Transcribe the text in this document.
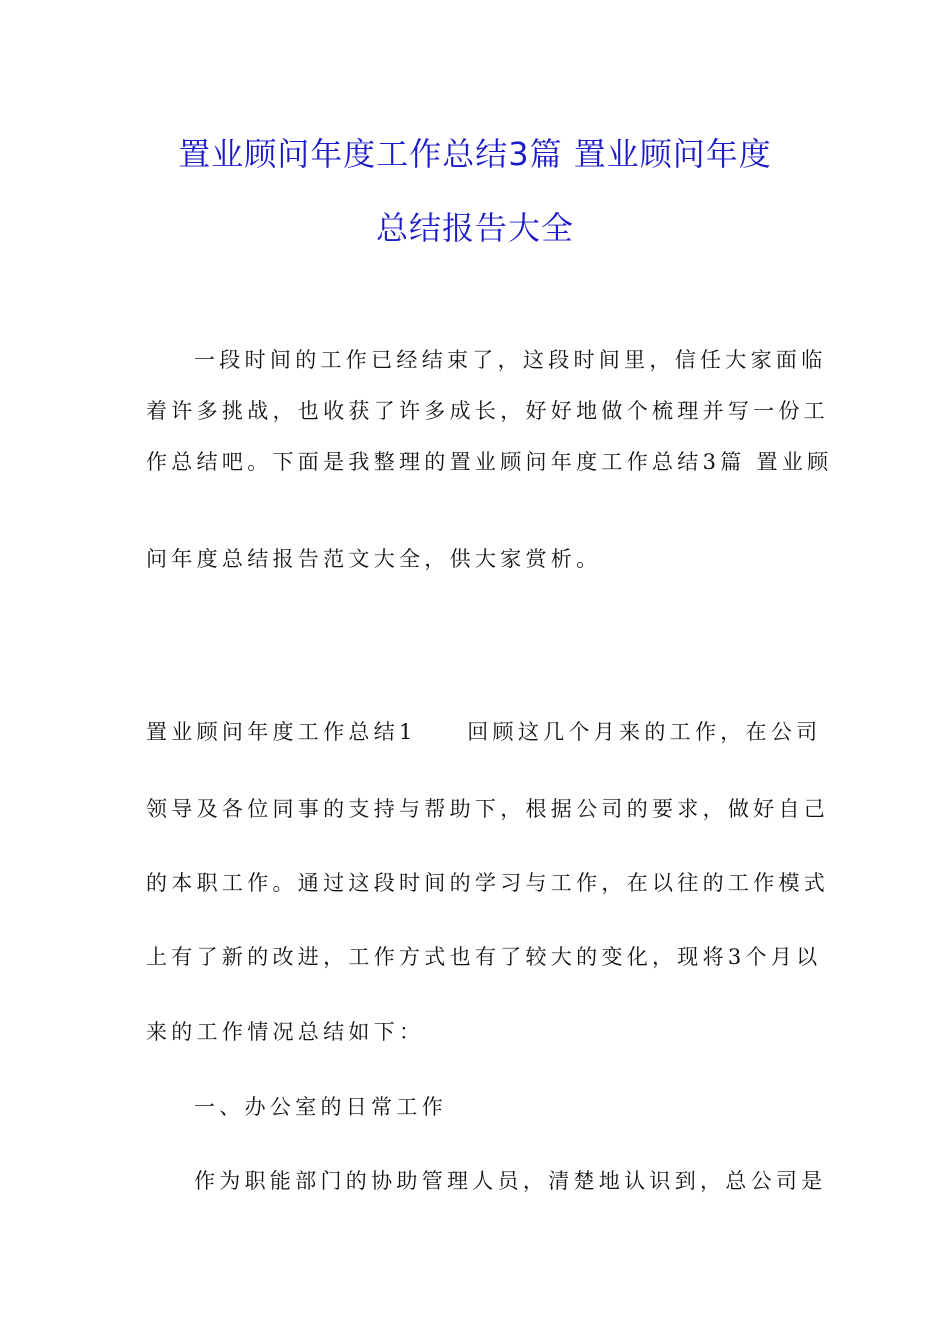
置业顾问年度工作总结3篇 置业顾问年度
总结报告大全
一段时间的工作已经结束了，这段时间里，信任大家面临
着许多挑战，也收获了许多成长，好好地做个梳理并写一份工
作总结吧。下面是我整理的置业顾问年度工作总结3篇 置业顾
问年度总结报告范文大全，供大家赏析。
置业顾问年度工作总结1　　回顾这几个月来的工作，在公司
领导及各位同事的支持与帮助下，根据公司的要求，做好自己
的本职工作。通过这段时间的学习与工作，在以往的工作模式
上有了新的改进，工作方式也有了较大的变化，现将3个月以
来的工作情况总结如下：
一、办公室的日常工作
作为职能部门的协助管理人员，清楚地认识到，总公司是
